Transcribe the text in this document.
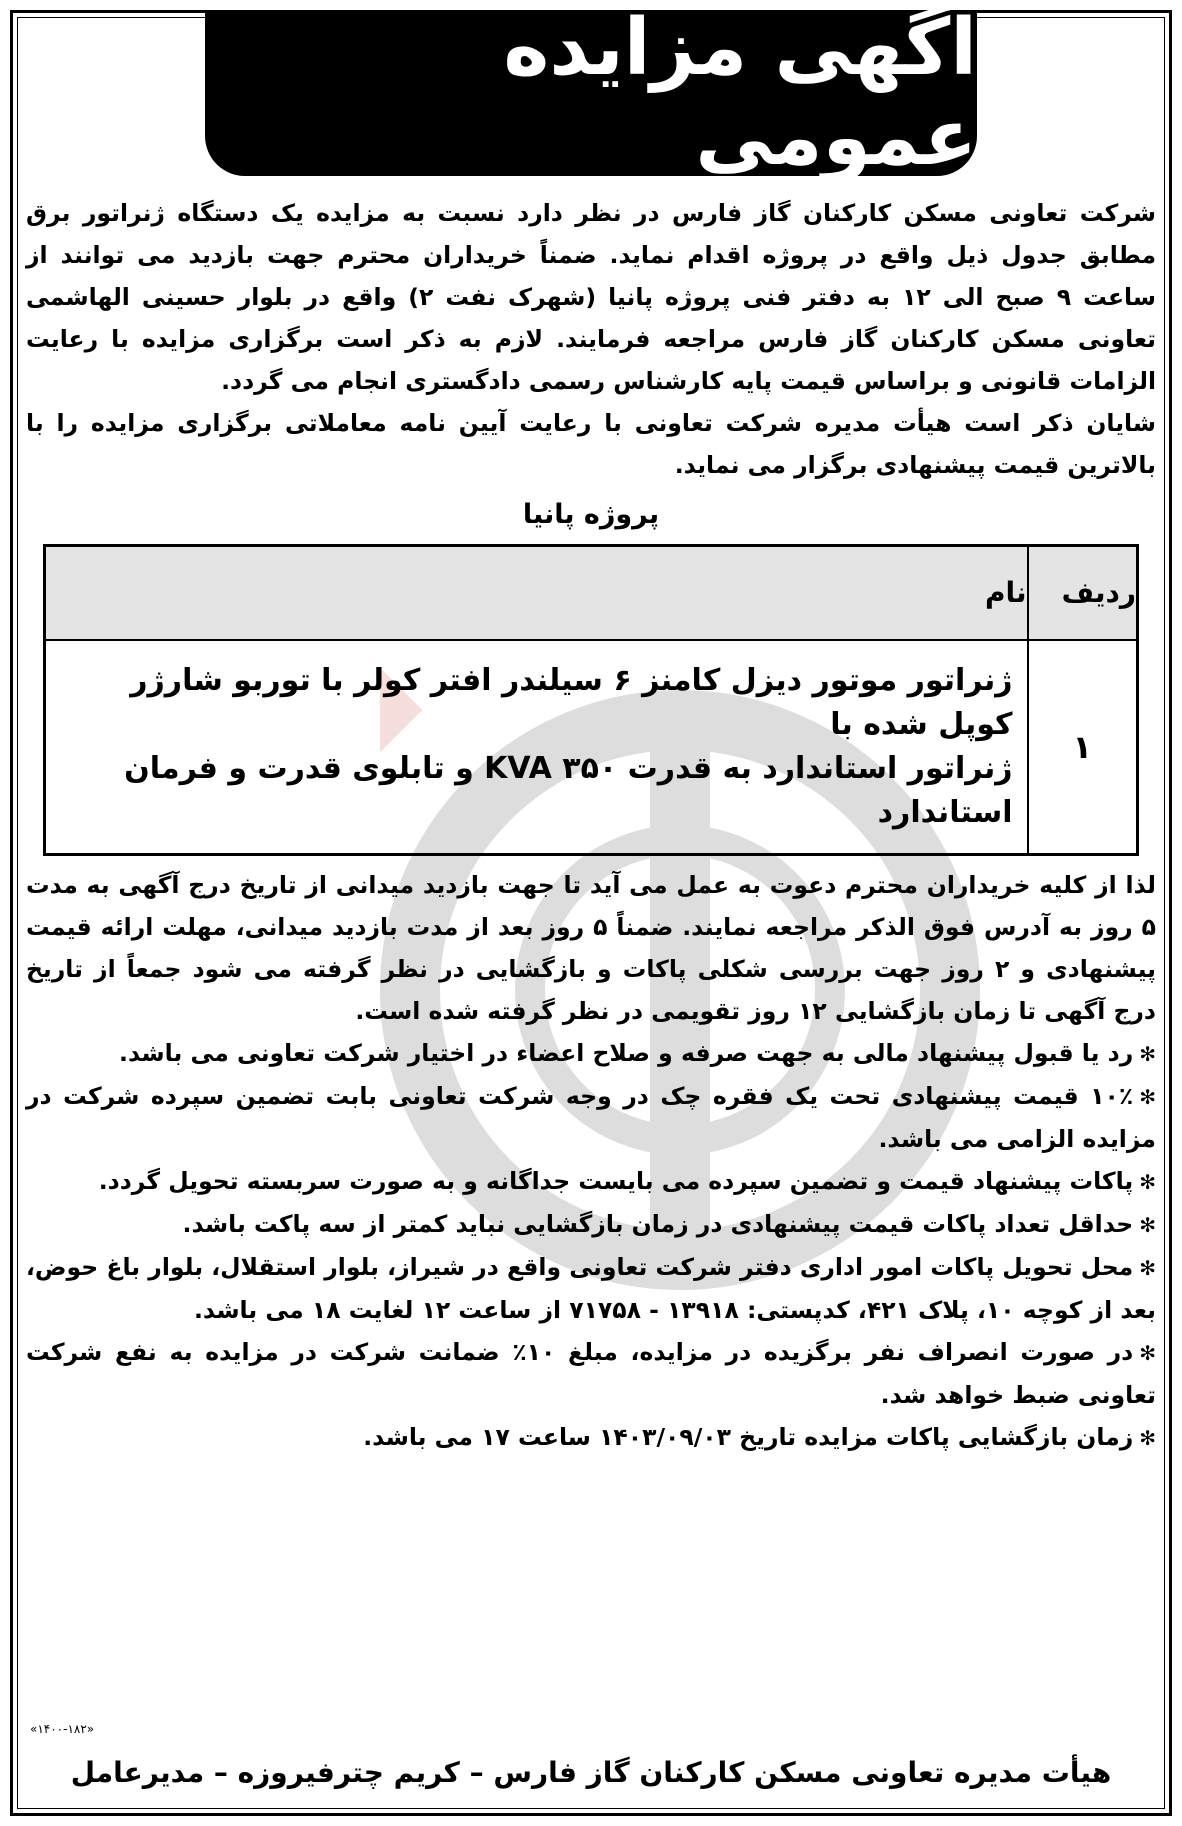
آگهی مزایده عمومی

شرکت تعاونی مسکن کارکنان گاز فارس در نظر دارد نسبت به مزایده یک دستگاه ژنراتور برق مطابق جدول ذیل واقع در پروژه اقدام نماید. ضمناً خریداران محترم جهت بازدید می توانند از ساعت ۹ صبح الی ۱۲ به دفتر فنی پروژه پانیا (شهرک نفت ۲) واقع در بلوار حسینی الهاشمی تعاونی مسکن کارکنان گاز فارس مراجعه فرمایند. لازم به ذکر است برگزاری مزایده با رعایت الزامات قانونی و براساس قیمت پایه کارشناس رسمی دادگستری انجام می گردد.

شایان ذکر است هیأت مدیره شرکت تعاونی با رعایت آیین نامه معاملاتی برگزاری مزایده را با بالاترین قیمت پیشنهادی برگزار می نماید.

پروژه پانیا
ردیف	نام
۱	ژنراتور موتور دیزل کامنز ۶ سیلندر افتر کولر با توربو شارژر کوپل شده با
ژنراتور استاندارد به قدرت ۳۵۰ KVA و تابلوی قدرت و فرمان استاندارد

لذا از کلیه خریداران محترم دعوت به عمل می آید تا جهت بازدید میدانی از تاریخ درج آگهی به مدت ۵ روز به آدرس فوق الذکر مراجعه نمایند. ضمناً ۵ روز بعد از مدت بازدید میدانی، مهلت ارائه قیمت پیشنهادی و ۲ روز جهت بررسی شکلی پاکات و بازگشایی در نظر گرفته می شود جمعاً از تاریخ درج آگهی تا زمان بازگشایی ۱۲ روز تقویمی در نظر گرفته شده است.

✻رد یا قبول پیشنهاد مالی به جهت صرفه و صلاح اعضاء در اختیار شرکت تعاونی می باشد.

✻۱۰٪ قیمت پیشنهادی تحت یک فقره چک در وجه شرکت تعاونی بابت تضمین سپرده شرکت در مزایده الزامی می باشد.

✻پاکات پیشنهاد قیمت و تضمین سپرده می بایست جداگانه و به صورت سربسته تحویل گردد.

✻حداقل تعداد پاکات قیمت پیشنهادی در زمان بازگشایی نباید کمتر از سه پاکت باشد.

✻محل تحویل پاکات امور اداری دفتر شرکت تعاونی واقع در شیراز، بلوار استقلال، بلوار باغ حوض، بعد از کوچه ۱۰، پلاک ۴۲۱، کدپستی: ۱۳۹۱۸ - ۷۱۷۵۸ از ساعت ۱۲ لغایت ۱۸ می باشد.

✻در صورت انصراف نفر برگزیده در مزایده، مبلغ ۱۰٪ ضمانت شرکت در مزایده به نفع شرکت تعاونی ضبط خواهد شد.

✻زمان بازگشایی پاکات مزایده تاریخ ۱۴۰۳/۰۹/۰۳ ساعت ۱۷ می باشد.

«۱۴۰۰-۱۸۲»
هیأت مدیره تعاونی مسکن کارکنان گاز فارس – کریم چترفیروزه – مدیرعامل
